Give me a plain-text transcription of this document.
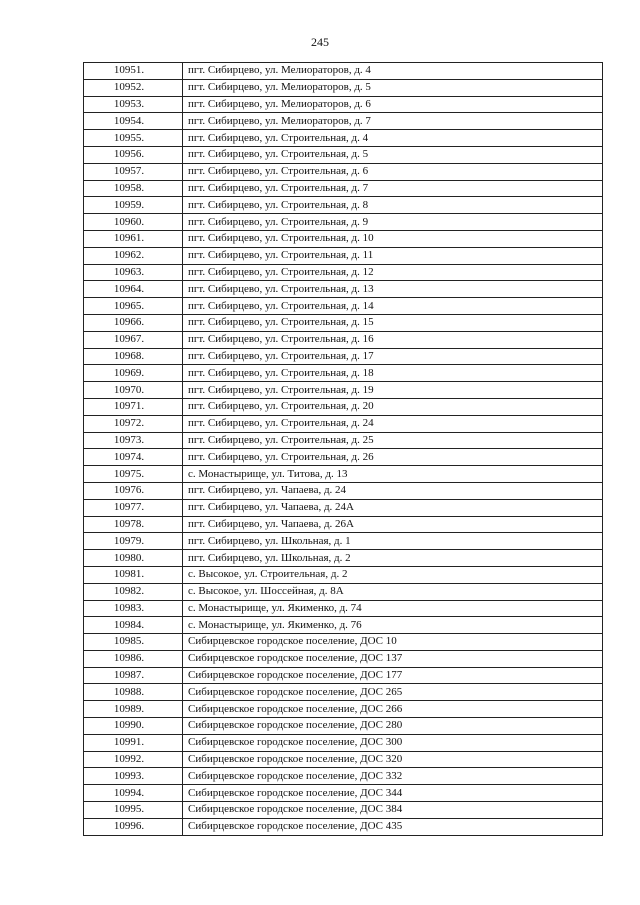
245
10951.	пгт. Сибирцево, ул. Мелиораторов, д. 4
10952.	пгт. Сибирцево, ул. Мелиораторов, д. 5
10953.	пгт. Сибирцево, ул. Мелиораторов, д. 6
10954.	пгт. Сибирцево, ул. Мелиораторов, д. 7
10955.	пгт. Сибирцево, ул. Строительная, д. 4
10956.	пгт. Сибирцево, ул. Строительная, д. 5
10957.	пгт. Сибирцево, ул. Строительная, д. 6
10958.	пгт. Сибирцево, ул. Строительная, д. 7
10959.	пгт. Сибирцево, ул. Строительная, д. 8
10960.	пгт. Сибирцево, ул. Строительная, д. 9
10961.	пгт. Сибирцево, ул. Строительная, д. 10
10962.	пгт. Сибирцево, ул. Строительная, д. 11
10963.	пгт. Сибирцево, ул. Строительная, д. 12
10964.	пгт. Сибирцево, ул. Строительная, д. 13
10965.	пгт. Сибирцево, ул. Строительная, д. 14
10966.	пгт. Сибирцево, ул. Строительная, д. 15
10967.	пгт. Сибирцево, ул. Строительная, д. 16
10968.	пгт. Сибирцево, ул. Строительная, д. 17
10969.	пгт. Сибирцево, ул. Строительная, д. 18
10970.	пгт. Сибирцево, ул. Строительная, д. 19
10971.	пгт. Сибирцево, ул. Строительная, д. 20
10972.	пгт. Сибирцево, ул. Строительная, д. 24
10973.	пгт. Сибирцево, ул. Строительная, д. 25
10974.	пгт. Сибирцево, ул. Строительная, д. 26
10975.	с. Монастырище, ул. Титова, д. 13
10976.	пгт. Сибирцево, ул. Чапаева, д. 24
10977.	пгт. Сибирцево, ул. Чапаева, д. 24А
10978.	пгт. Сибирцево, ул. Чапаева, д. 26А
10979.	пгт. Сибирцево, ул. Школьная, д. 1
10980.	пгт. Сибирцево, ул. Школьная, д. 2
10981.	с. Высокое, ул. Строительная, д. 2
10982.	с. Высокое, ул. Шоссейная, д. 8А
10983.	с. Монастырище, ул. Якименко, д. 74
10984.	с. Монастырище, ул. Якименко, д. 76
10985.	Сибирцевское городское поселение, ДОС 10
10986.	Сибирцевское городское поселение, ДОС 137
10987.	Сибирцевское городское поселение, ДОС 177
10988.	Сибирцевское городское поселение, ДОС 265
10989.	Сибирцевское городское поселение, ДОС 266
10990.	Сибирцевское городское поселение, ДОС 280
10991.	Сибирцевское городское поселение, ДОС 300
10992.	Сибирцевское городское поселение, ДОС 320
10993.	Сибирцевское городское поселение, ДОС 332
10994.	Сибирцевское городское поселение, ДОС 344
10995.	Сибирцевское городское поселение, ДОС 384
10996.	Сибирцевское городское поселение, ДОС 435
